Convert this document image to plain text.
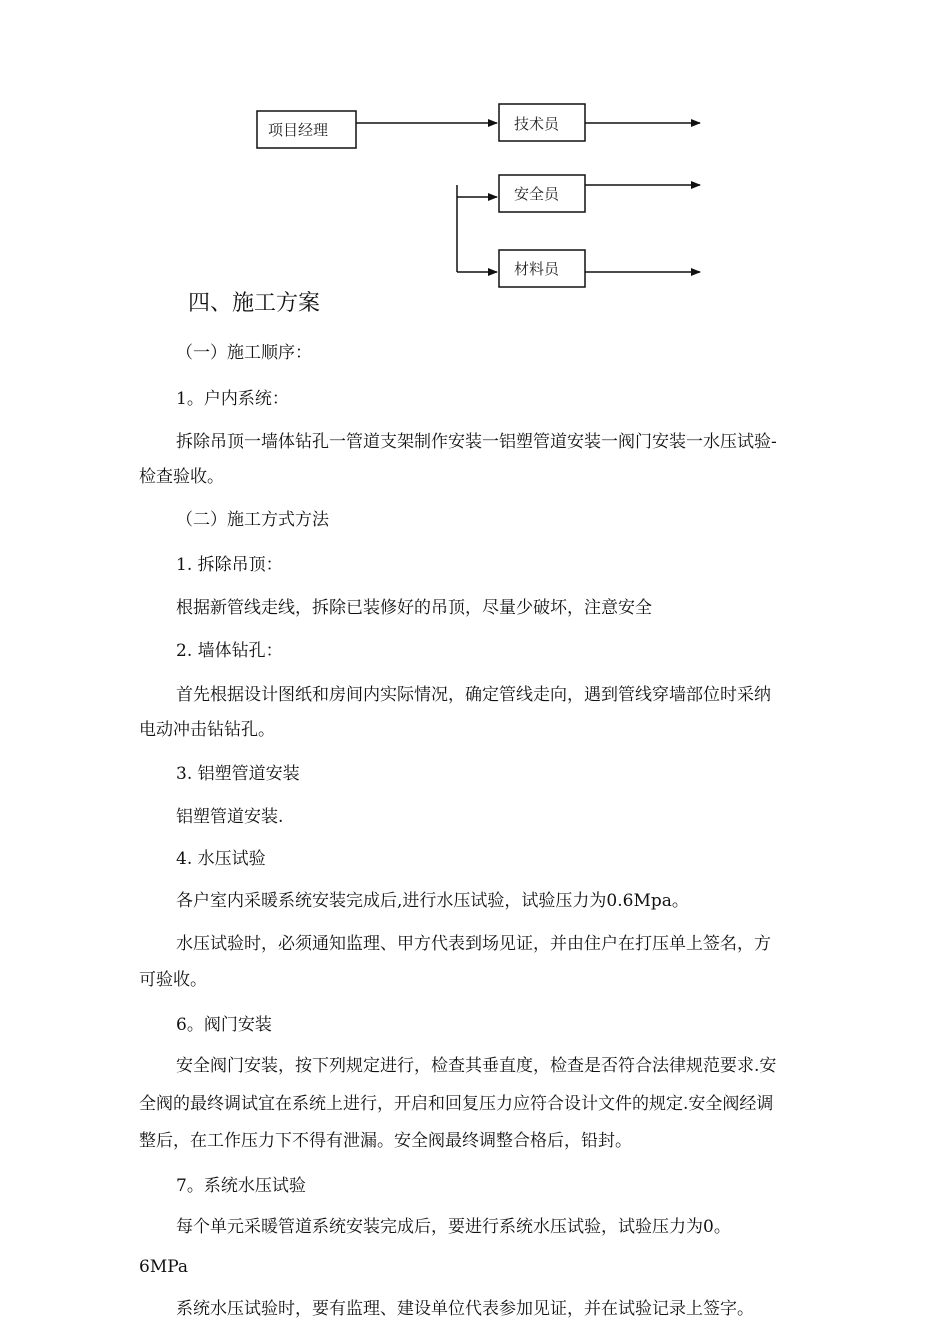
项目经理	技术员
安全员
材料员
四、施工方案
（一）施工顺序：
1。户内系统：
拆除吊顶一墙体钻孔一管道支架制作安装一铝塑管道安装一阀门安装一水压试验-
检查验收。
（二）施工方式方法
1. 拆除吊顶：
根据新管线走线，拆除已装修好的吊顶，尽量少破坏，注意安全
2. 墙体钻孔：
首先根据设计图纸和房间内实际情况，确定管线走向，遇到管线穿墙部位时采纳
电动冲击钻钻孔。
3. 铝塑管道安装
铝塑管道安装.
4. 水压试验
各户室内采暖系统安装完成后,进行水压试验，试验压力为0.6Mpa。
水压试验时，必须通知监理、甲方代表到场见证，并由住户在打压单上签名，方
可验收。
6。阀门安装
安全阀门安装，按下列规定进行，检查其垂直度，检查是否符合法律规范要求.安
全阀的最终调试宜在系统上进行，开启和回复压力应符合设计文件的规定.安全阀经调
整后，在工作压力下不得有泄漏。安全阀最终调整合格后，铅封。
7。系统水压试验
每个单元采暖管道系统安装完成后，要进行系统水压试验，试验压力为0。
6MPa
系统水压试验时，要有监理、建设单位代表参加见证，并在试验记录上签字。
